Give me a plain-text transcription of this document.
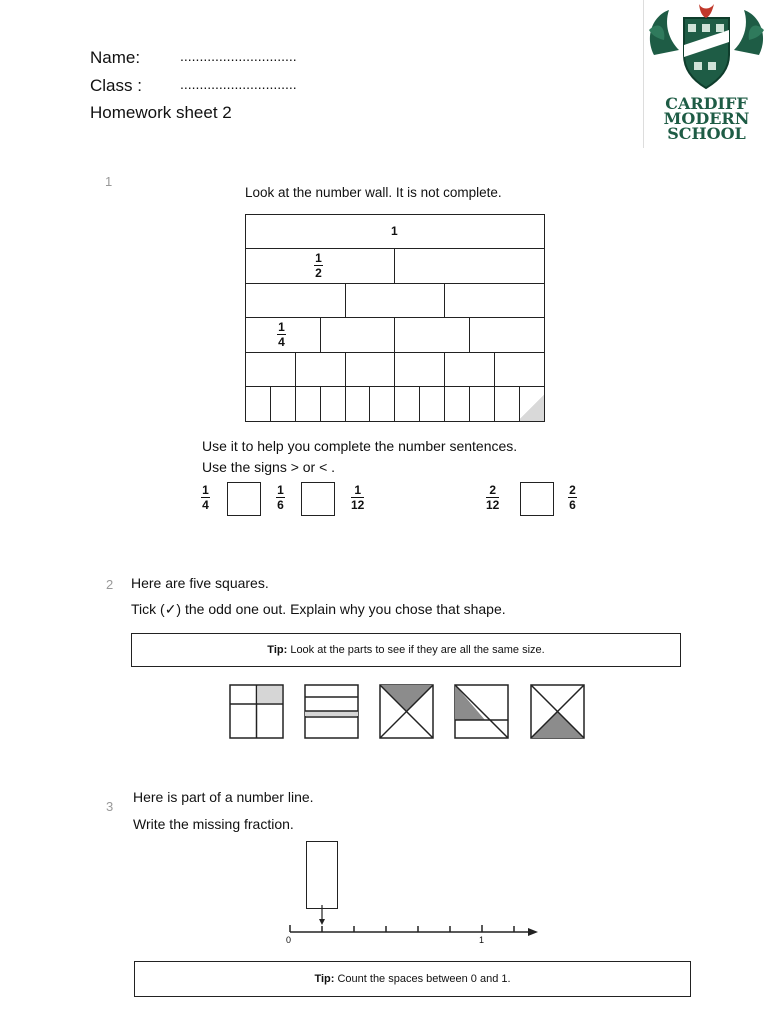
Name:	..............................
Class :	..............................
Homework sheet 2	CARDIFF
MODERN
SCHOOL
1
Look at the number wall. It is not complete.
1
1
2
1
4
Use it to help you complete the number sentences.
Use the signs > or < .
1
4
1
6
1
12
2
12
2
6
2 Here are five squares.
Tick (✓) the odd one out. Explain why you chose that shape.
Tip: Look at the parts to see if they are all the same size.
3
Here is part of a number line.
Write the missing fraction.
0	1
Tip: Count the spaces between 0 and 1.
